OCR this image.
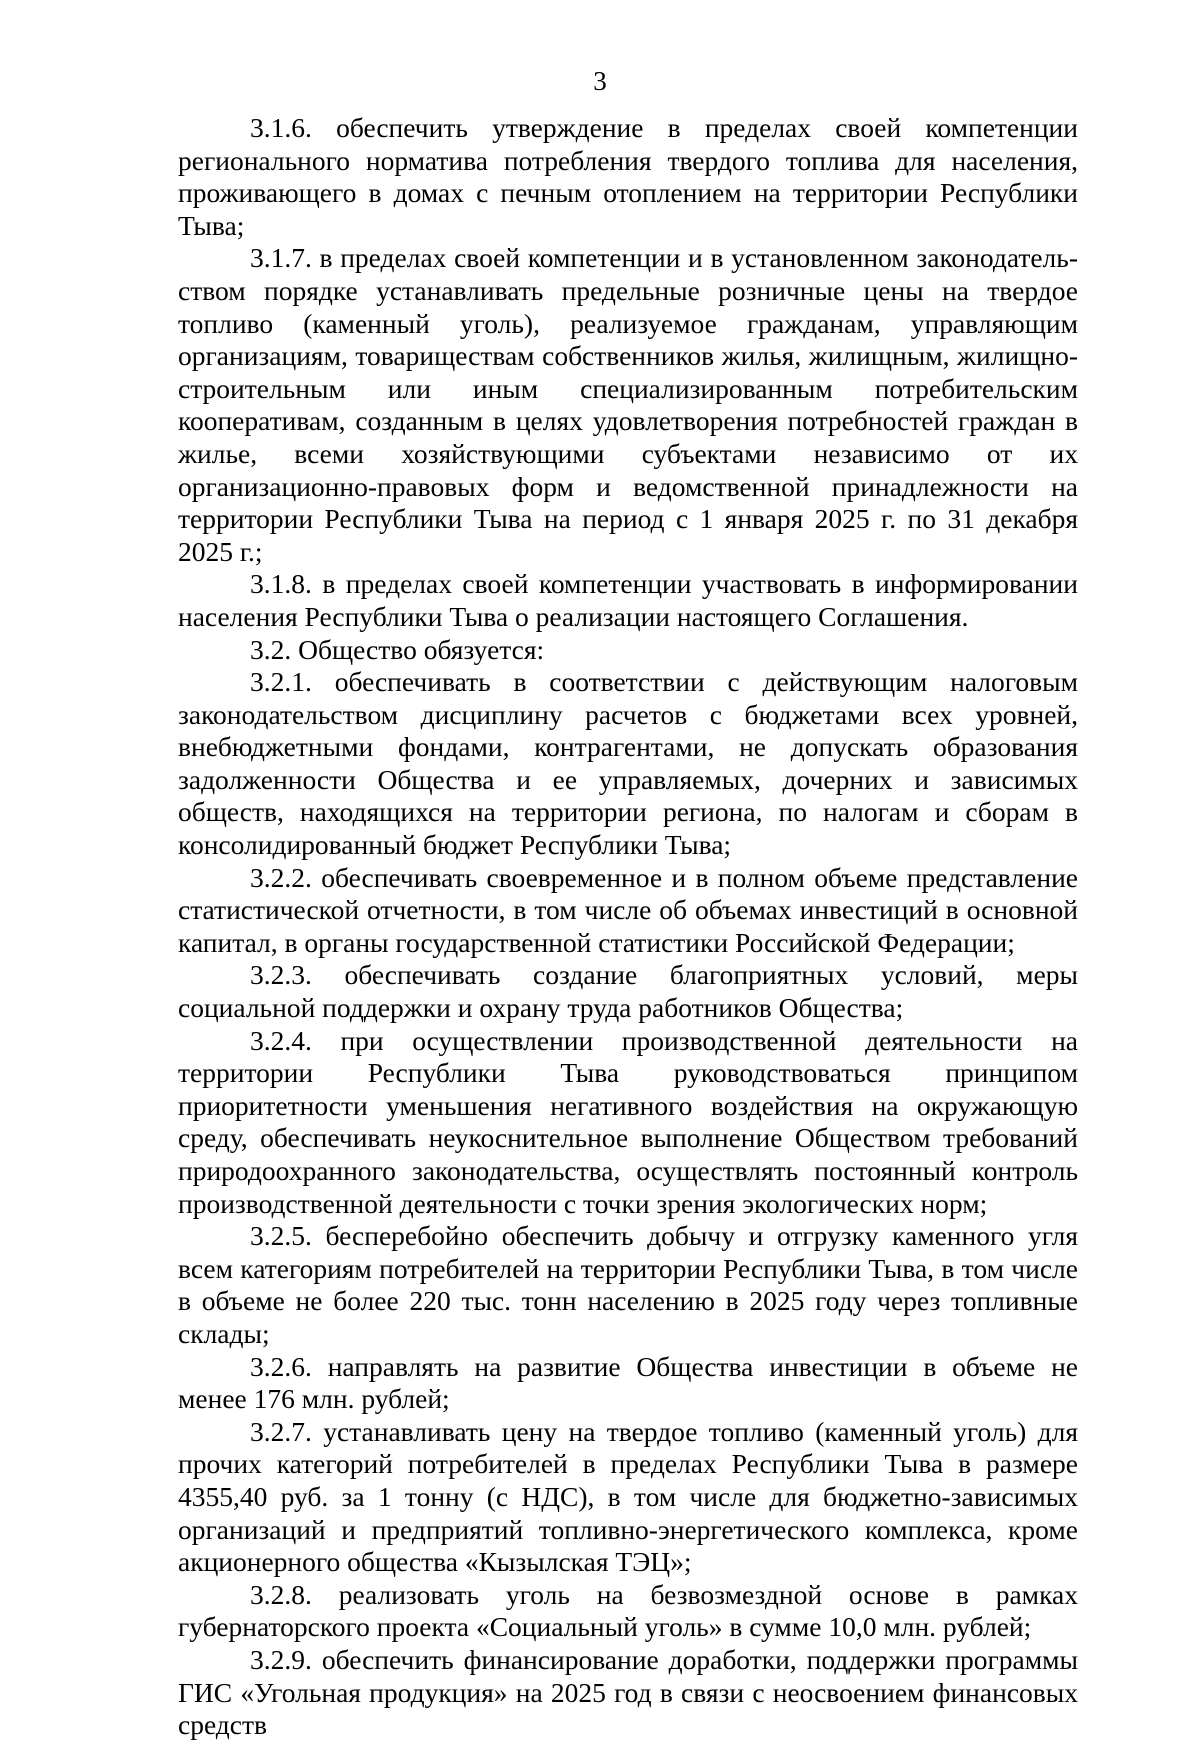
3

3.1.6. обеспечить утверждение в пределах своей компетенции регионального норматива потребления твердого топлива для населения, проживающего в домах с печным отоплением на территории Республики Тыва;

3.1.7. в пределах своей компетенции и в установленном законодательством порядке устанавливать предельные розничные цены на твердое топливо (каменный уголь), реализуемое гражданам, управляющим организациям, товариществам собственников жилья, жилищным, жилищно-строительным или иным специализированным потребительским кооперативам, созданным в целях удовлетворения потребностей граждан в жилье, всеми хозяйствующими субъектами независимо от их организационно-правовых форм и ведомственной принадлежности на территории Республики Тыва на период с 1 января 2025 г. по 31 декабря 2025 г.;

3.1.8. в пределах своей компетенции участвовать в информировании населения Республики Тыва о реализации настоящего Соглашения.

3.2. Общество обязуется:

3.2.1. обеспечивать в соответствии с действующим налоговым законодательством дисциплину расчетов с бюджетами всех уровней, внебюджетными фондами, контрагентами, не допускать образования задолженности Общества и ее управляемых, дочерних и зависимых обществ, находящихся на территории региона, по налогам и сборам в консолидированный бюджет Республики Тыва;

3.2.2. обеспечивать своевременное и в полном объеме представление статистической отчетности, в том числе об объемах инвестиций в основной капитал, в органы государственной статистики Российской Федерации;

3.2.3. обеспечивать создание благоприятных условий, меры социальной поддержки и охрану труда работников Общества;

3.2.4. при осуществлении производственной деятельности на территории Республики Тыва руководствоваться принципом приоритетности уменьшения негативного воздействия на окружающую среду, обеспечивать неукоснительное выполнение Обществом требований природоохранного законодательства, осуществлять постоянный контроль производственной деятельности с точки зрения экологических норм;

3.2.5. бесперебойно обеспечить добычу и отгрузку каменного угля всем категориям потребителей на территории Республики Тыва, в том числе в объеме не более 220 тыс. тонн населению в 2025 году через топливные склады;

3.2.6. направлять на развитие Общества инвестиции в объеме не менее 176 млн. рублей;

3.2.7. устанавливать цену на твердое топливо (каменный уголь) для прочих категорий потребителей в пределах Республики Тыва в размере 4355,40 руб. за 1 тонну (с НДС), в том числе для бюджетно-зависимых организаций и предприятий топливно-энергетического комплекса, кроме акционерного общества «Кызылская ТЭЦ»;

3.2.8. реализовать уголь на безвозмездной основе в рамках губернаторского проекта «Социальный уголь» в сумме 10,0 млн. рублей;

3.2.9. обеспечить финансирование доработки, поддержки программы ГИС «Угольная продукция» на 2025 год в связи с неосвоением финансовых средств
